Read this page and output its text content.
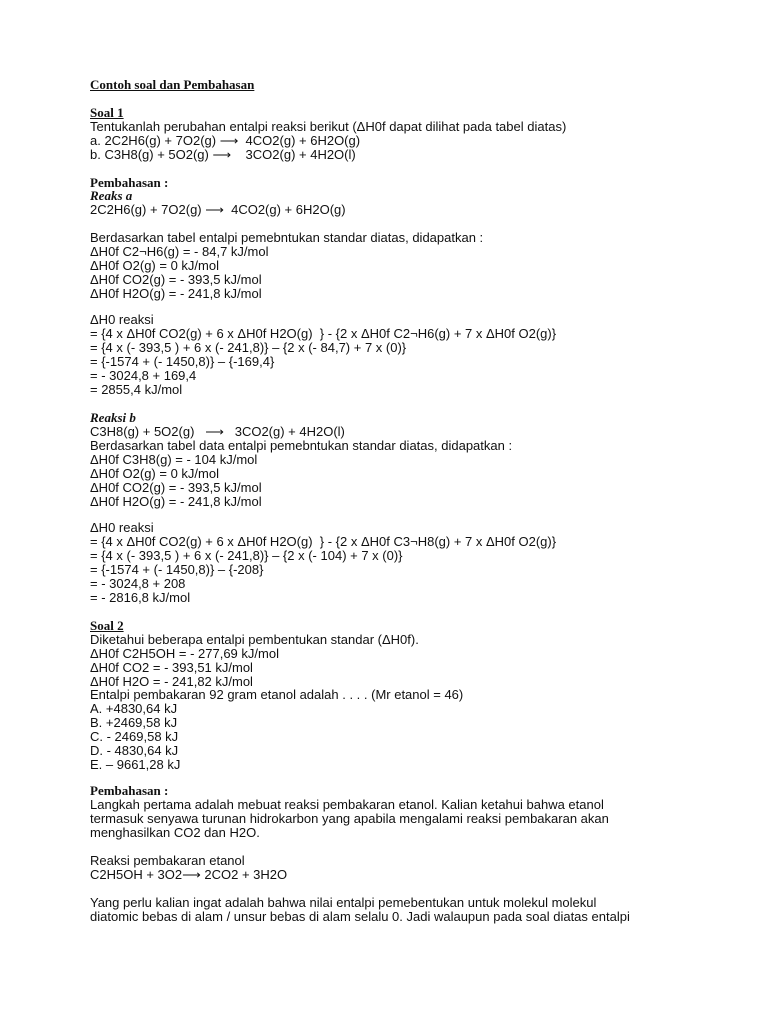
Contoh soal dan Pembahasan
Soal 1
Tentukanlah perubahan entalpi reaksi berikut (ΔH0f dapat dilihat pada tabel diatas)
a. 2C2H6(g) + 7O2(g) ⟶  4CO2(g) + 6H2O(g)
b. C3H8(g) + 5O2(g) ⟶    3CO2(g) + 4H2O(l)
Pembahasan :
Reaks a
2C2H6(g) + 7O2(g) ⟶  4CO2(g) + 6H2O(g)
Berdasarkan tabel entalpi pemebntukan standar diatas, didapatkan :
ΔH0f C2¬H6(g) = - 84,7 kJ/mol
ΔH0f O2(g) = 0 kJ/mol
ΔH0f CO2(g) = - 393,5 kJ/mol
ΔH0f H2O(g) = - 241,8 kJ/mol
ΔH0 reaksi
= {4 x ΔH0f CO2(g) + 6 x ΔH0f H2O(g)  } - {2 x ΔH0f C2¬H6(g) + 7 x ΔH0f O2(g)}
= {4 x (- 393,5 ) + 6 x (- 241,8)} – {2 x (- 84,7) + 7 x (0)}
= {-1574 + (- 1450,8)} – {-169,4}
= - 3024,8 + 169,4
= 2855,4 kJ/mol
Reaksi b
C3H8(g) + 5O2(g)   ⟶   3CO2(g) + 4H2O(l)
Berdasarkan tabel data entalpi pemebntukan standar diatas, didapatkan :
ΔH0f C3H8(g) = - 104 kJ/mol
ΔH0f O2(g) = 0 kJ/mol
ΔH0f CO2(g) = - 393,5 kJ/mol
ΔH0f H2O(g) = - 241,8 kJ/mol
ΔH0 reaksi
= {4 x ΔH0f CO2(g) + 6 x ΔH0f H2O(g)  } - {2 x ΔH0f C3¬H8(g) + 7 x ΔH0f O2(g)}
= {4 x (- 393,5 ) + 6 x (- 241,8)} – {2 x (- 104) + 7 x (0)}
= {-1574 + (- 1450,8)} – {-208}
= - 3024,8 + 208
= - 2816,8 kJ/mol
Soal 2
Diketahui beberapa entalpi pembentukan standar (ΔH0f).
ΔH0f C2H5OH = - 277,69 kJ/mol
ΔH0f CO2 = - 393,51 kJ/mol
ΔH0f H2O = - 241,82 kJ/mol
Entalpi pembakaran 92 gram etanol adalah . . . . (Mr etanol = 46)
A. +4830,64 kJ
B. +2469,58 kJ
C. - 2469,58 kJ
D. - 4830,64 kJ
E. – 9661,28 kJ
Pembahasan :
Langkah pertama adalah mebuat reaksi pembakaran etanol. Kalian ketahui bahwa etanol
termasuk senyawa turunan hidrokarbon yang apabila mengalami reaksi pembakaran akan
menghasilkan CO2 dan H2O.
Reaksi pembakaran etanol
C2H5OH + 3O2⟶ 2CO2 + 3H2O
Yang perlu kalian ingat adalah bahwa nilai entalpi pemebentukan untuk molekul molekul
diatomic bebas di alam / unsur bebas di alam selalu 0. Jadi walaupun pada soal diatas entalpi
